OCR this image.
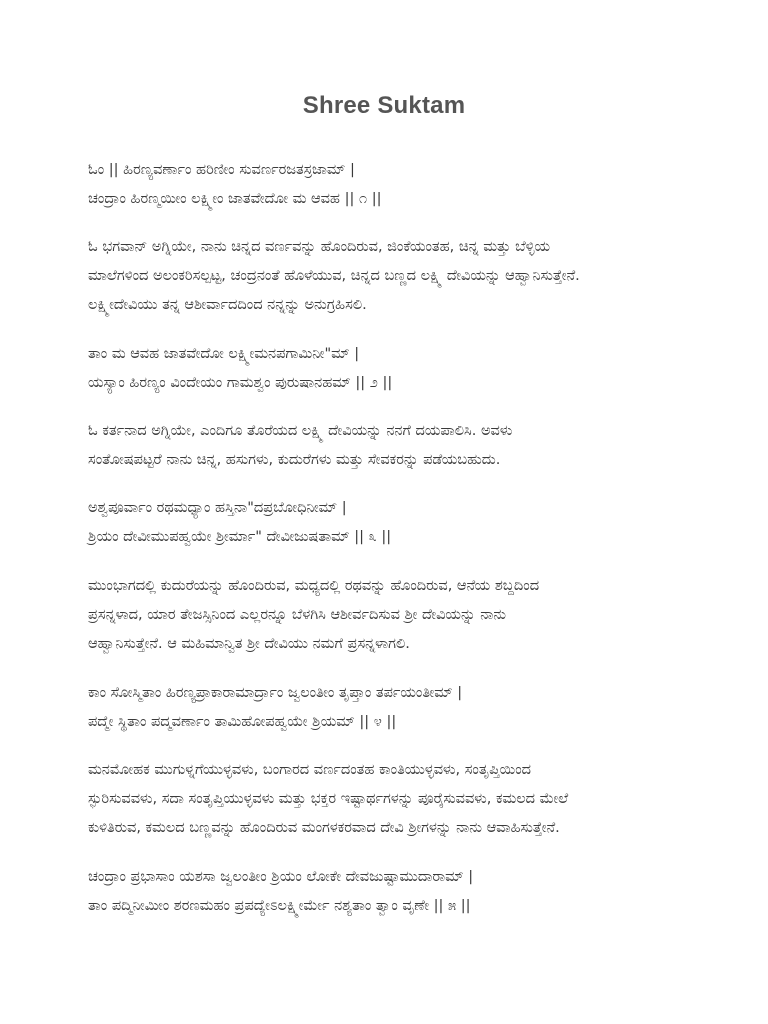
Shree Suktam
ಓಂ || ಹಿರಣ್ಯವರ್ಣಾಂ ಹರಿಣೀಂ ಸುವರ್ಣರಜತಸ್ರಜಾಮ್ |
ಚಂದ್ರಾಂ ಹಿರಣ್ಮಯೀಂ ಲಕ್ಷ್ಮೀಂ ಜಾತವೇದೋ ಮ ಆವಹ || ೧ ||
ಓ ಭಗವಾನ್ ಅಗ್ನಿಯೇ, ನಾನು ಚಿನ್ನದ ವರ್ಣವನ್ನು ಹೊಂದಿರುವ, ಜಿಂಕೆಯಂತಹ, ಚಿನ್ನ ಮತ್ತು ಬೆಳ್ಳಿಯ
ಮಾಲೆಗಳಿಂದ ಅಲಂಕರಿಸಲ್ಪಟ್ಟ, ಚಂದ್ರನಂತೆ ಹೊಳೆಯುವ, ಚಿನ್ನದ ಬಣ್ಣದ ಲಕ್ಷ್ಮಿ ದೇವಿಯನ್ನು ಆಹ್ವಾನಿಸುತ್ತೇನೆ.
ಲಕ್ಷ್ಮೀದೇವಿಯು ತನ್ನ ಆಶೀರ್ವಾದದಿಂದ ನನ್ನನ್ನು ಅನುಗ್ರಹಿಸಲಿ.
ತಾಂ ಮ ಆವಹ ಜಾತವೇದೋ ಲಕ್ಷ್ಮೀಮನಪಗಾಮಿನೀ"ಮ್ |
ಯಸ್ಯಾಂ ಹಿರಣ್ಯಂ ವಿಂದೇಯಂ ಗಾಮಶ್ವಂ ಪುರುಷಾನಹಮ್ || ೨ ||
ಓ ಕರ್ತನಾದ ಅಗ್ನಿಯೇ, ಎಂದಿಗೂ ತೊರೆಯದ ಲಕ್ಷ್ಮಿ ದೇವಿಯನ್ನು ನನಗೆ ದಯಪಾಲಿಸಿ. ಅವಳು
ಸಂತೋಷಪಟ್ಟರೆ ನಾನು ಚಿನ್ನ, ಹಸುಗಳು, ಕುದುರೆಗಳು ಮತ್ತು ಸೇವಕರನ್ನು ಪಡೆಯಬಹುದು.
ಅಶ್ವಪೂರ್ವಾಂ ರಥಮಧ್ಯಾಂ ಹಸ್ತಿನಾ"ದಪ್ರಬೋಧಿನೀಮ್ |
ಶ್ರಿಯಂ ದೇವೀಮುಪಹ್ವಯೇ ಶ್ರೀರ್ಮಾ" ದೇವೀಜುಷತಾಮ್ || ೩ ||
ಮುಂಭಾಗದಲ್ಲಿ ಕುದುರೆಯನ್ನು ಹೊಂದಿರುವ, ಮಧ್ಯದಲ್ಲಿ ರಥವನ್ನು ಹೊಂದಿರುವ, ಆನೆಯ ಶಬ್ದದಿಂದ
ಪ್ರಸನ್ನಳಾದ, ಯಾರ ತೇಜಸ್ಸಿನಿಂದ ಎಲ್ಲರನ್ನೂ ಬೆಳಗಿಸಿ ಆಶೀರ್ವದಿಸುವ ಶ್ರೀ ದೇವಿಯನ್ನು ನಾನು
ಆಹ್ವಾನಿಸುತ್ತೇನೆ. ಆ ಮಹಿಮಾನ್ವಿತ ಶ್ರೀ ದೇವಿಯು ನಮಗೆ ಪ್ರಸನ್ನಳಾಗಲಿ.
ಕಾಂ ಸೋಸ್ಮಿತಾಂ ಹಿರಣ್ಯಪ್ರಾಕಾರಾಮಾರ್ದ್ರಾಂ ಜ್ವಲಂತೀಂ ತೃಪ್ತಾಂ ತರ್ಪಯಂತೀಮ್ |
ಪದ್ಮೇ ಸ್ಥಿತಾಂ ಪದ್ಮವರ್ಣಾಂ ತಾಮಿಹೋಪಹ್ವಯೇ ಶ್ರಿಯಮ್ || ೪ ||
ಮನಮೋಹಕ ಮುಗುಳ್ನಗೆಯುಳ್ಳವಳು, ಬಂಗಾರದ ವರ್ಣದಂತಹ ಕಾಂತಿಯುಳ್ಳವಳು, ಸಂತೃಪ್ತಿಯಿಂದ
ಸ್ಫುರಿಸುವವಳು, ಸದಾ ಸಂತೃಪ್ತಿಯುಳ್ಳವಳು ಮತ್ತು ಭಕ್ತರ ಇಷ್ಟಾರ್ಥಗಳನ್ನು ಪೂರೈಸುವವಳು, ಕಮಲದ ಮೇಲೆ
ಕುಳಿತಿರುವ, ಕಮಲದ ಬಣ್ಣವನ್ನು ಹೊಂದಿರುವ ಮಂಗಳಕರವಾದ ದೇವಿ ಶ್ರೀಗಳನ್ನು ನಾನು ಆವಾಹಿಸುತ್ತೇನೆ.
ಚಂದ್ರಾಂ ಪ್ರಭಾಸಾಂ ಯಶಸಾ ಜ್ವಲಂತೀಂ ಶ್ರಿಯಂ ಲೋಕೇ ದೇವಜುಷ್ಟಾಮುದಾರಾಮ್ |
ತಾಂ ಪದ್ಮಿನೀಮೀಂ ಶರಣಮಹಂ ಪ್ರಪದ್ಯೇಽಲಕ್ಷ್ಮೀರ್ಮೇ ನಶ್ಯತಾಂ ತ್ವಾಂ ವೃಣೇ || ೫ ||
